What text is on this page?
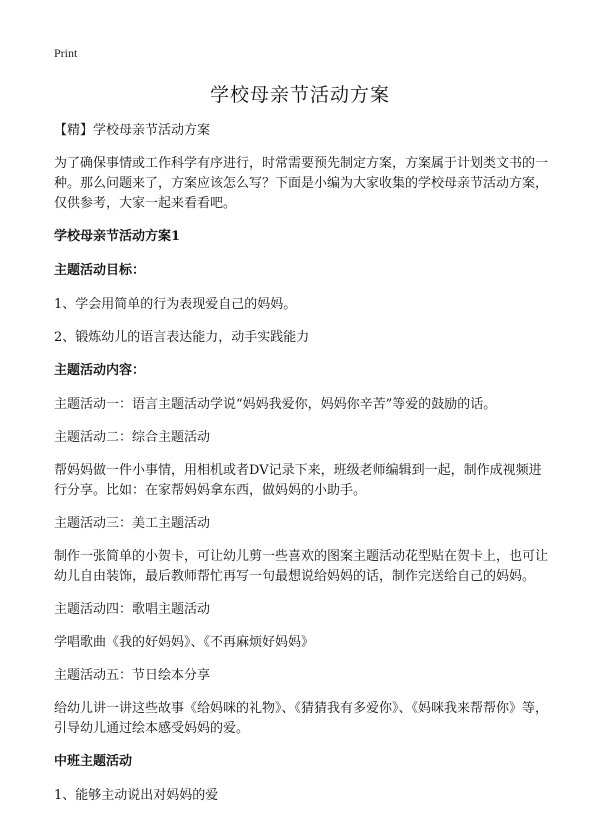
Print
学校母亲节活动方案

【精】学校母亲节活动方案

为了确保事情或工作科学有序进行，时常需要预先制定方案，方案属于计划类文书的一种。那么问题来了，方案应该怎么写？下面是小编为大家收集的学校母亲节活动方案，仅供参考，大家一起来看看吧。

学校母亲节活动方案1

主题活动目标：

1、学会用简单的行为表现爱自己的妈妈。

2、锻炼幼儿的语言表达能力，动手实践能力

主题活动内容：

主题活动一：语言主题活动学说“妈妈我爱你，妈妈你辛苦”等爱的鼓励的话。

主题活动二：综合主题活动

帮妈妈做一件小事情，用相机或者DV记录下来，班级老师编辑到一起，制作成视频进行分享。比如：在家帮妈妈拿东西，做妈妈的小助手。

主题活动三：美工主题活动

制作一张简单的小贺卡，可让幼儿剪一些喜欢的图案主题活动花型贴在贺卡上，也可让幼儿自由装饰，最后教师帮忙再写一句最想说给妈妈的话，制作完送给自己的妈妈。

主题活动四：歌唱主题活动

学唱歌曲《我的好妈妈》、《不再麻烦好妈妈》

主题活动五：节日绘本分享

给幼儿讲一讲这些故事《给妈咪的礼物》、《猜猜我有多爱你》、《妈咪我来帮帮你》等，引导幼儿通过绘本感受妈妈的爱。

中班主题活动

1、能够主动说出对妈妈的爱
